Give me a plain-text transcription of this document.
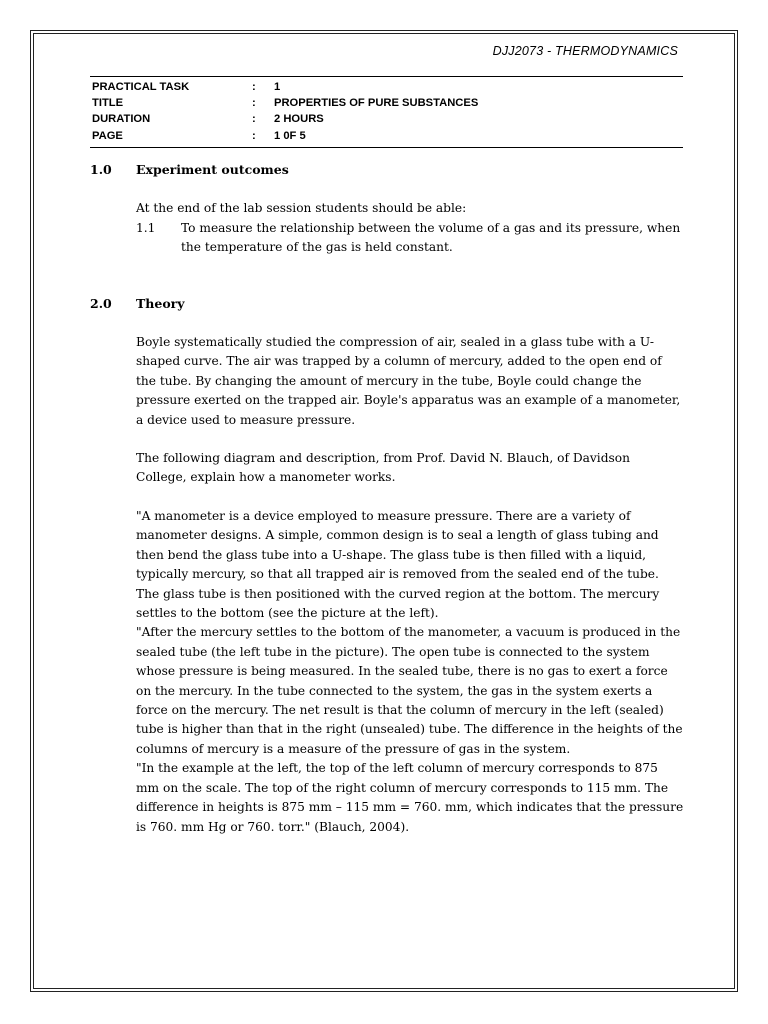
DJJ2073 - THERMODYNAMICS
PRACTICAL TASK	:	1
TITLE	:	PROPERTIES OF PURE SUBSTANCES
DURATION	:	2 HOURS
PAGE	:	1 0F 5
1.0 Experiment outcomes

At the end of the lab session students should be able:

1.1 To measure the relationship between the volume of a gas and its pressure, when the temperature of the gas is held constant.
2.0 Theory

Boyle systematically studied the compression of air, sealed in a glass tube with a U-shaped curve. The air was trapped by a column of mercury, added to the open end of the tube. By changing the amount of mercury in the tube, Boyle could change the pressure exerted on the trapped air. Boyle's apparatus was an example of a manometer, a device used to measure pressure.

The following diagram and description, from Prof. David N. Blauch, of Davidson College, explain how a manometer works.

"A manometer is a device employed to measure pressure. There are a variety of manometer designs. A simple, common design is to seal a length of glass tubing and then bend the glass tube into a U-shape. The glass tube is then filled with a liquid, typically mercury, so that all trapped air is removed from the sealed end of the tube. The glass tube is then positioned with the curved region at the bottom. The mercury settles to the bottom (see the picture at the left).

"After the mercury settles to the bottom of the manometer, a vacuum is produced in the sealed tube (the left tube in the picture). The open tube is connected to the system whose pressure is being measured. In the sealed tube, there is no gas to exert a force on the mercury. In the tube connected to the system, the gas in the system exerts a force on the mercury. The net result is that the column of mercury in the left (sealed) tube is higher than that in the right (unsealed) tube. The difference in the heights of the columns of mercury is a measure of the pressure of gas in the system.

"In the example at the left, the top of the left column of mercury corresponds to 875 mm on the scale. The top of the right column of mercury corresponds to 115 mm. The difference in heights is 875 mm – 115 mm = 760. mm, which indicates that the pressure is 760. mm Hg or 760. torr." (Blauch, 2004).
